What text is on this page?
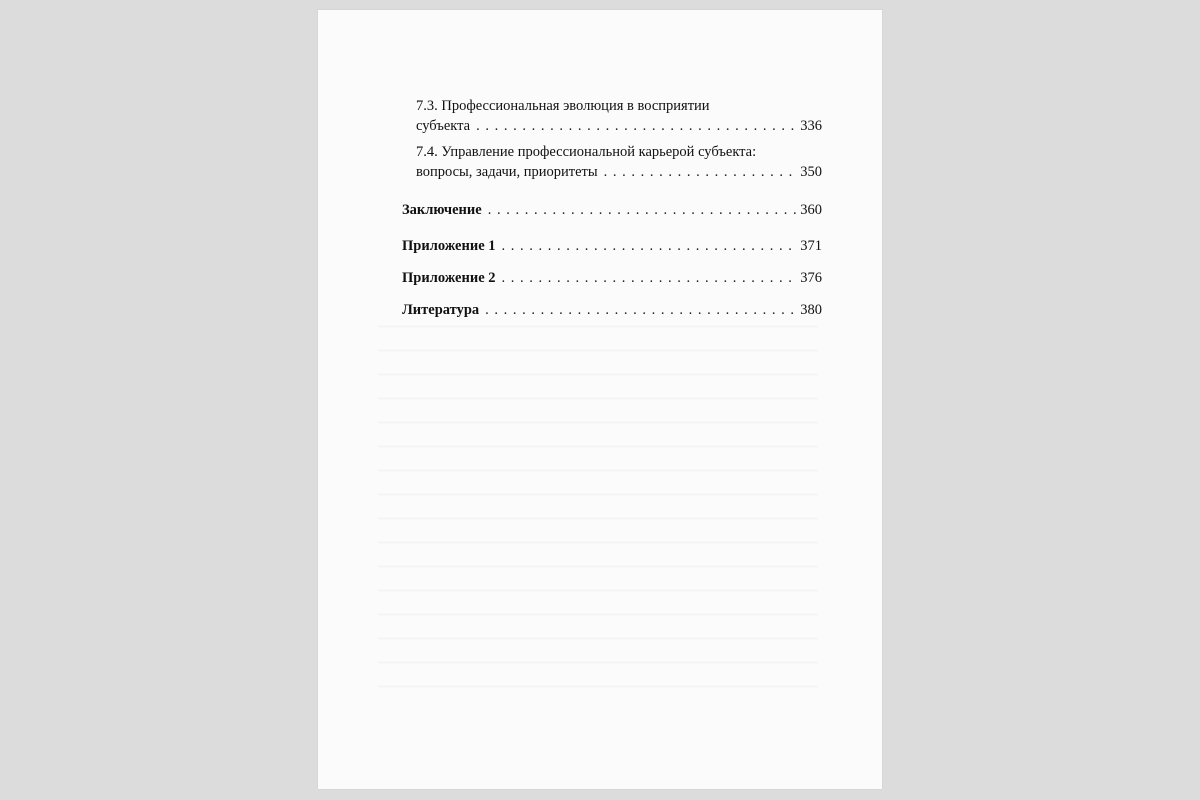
7.3. Профессиональная эволюция в восприятии
субъекта . . .	336
7.4. Управление профессиональной карьерой субъекта:
вопросы, задачи, приоритеты . . .	350
Заключение . . .	360
Приложение 1 . . .	371
Приложение 2 . . .	376
Литература . . .	380
